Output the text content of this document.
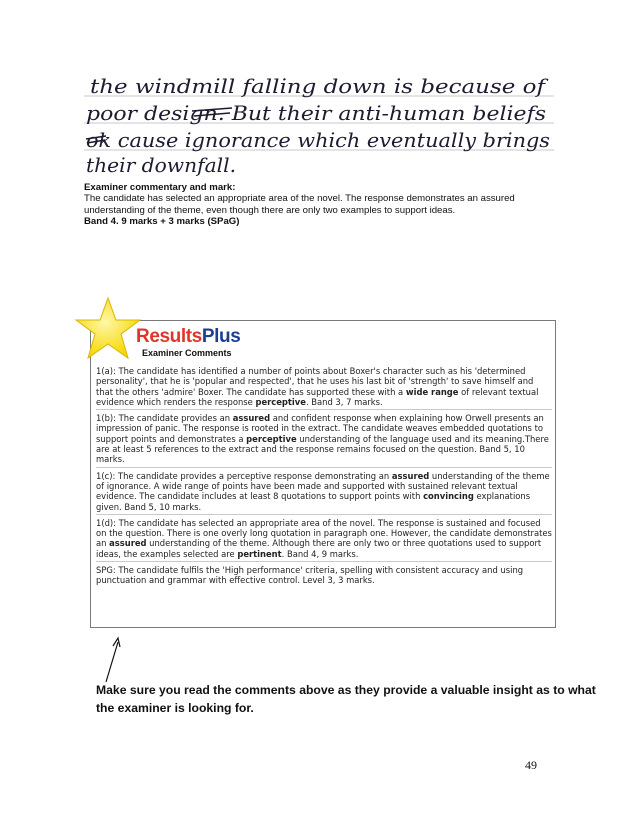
the windmill falling down is because of
poor design. But their anti-human beliefs
ok cause ignorance which eventually brings
their downfall.
Examiner commentary and mark:
The candidate has selected an appropriate area of the novel. The response demonstrates an assured understanding of the theme, even though there are only two examples to support ideas.
Band 4. 9 marks + 3 marks (SPaG)
ResultsPlus
Examiner Comments

1(a): The candidate has identified a number of points about Boxer's character such as his 'determined personality', that he is 'popular and respected', that he uses his last bit of 'strength' to save himself and that the others 'admire' Boxer. The candidate has supported these with a wide range of relevant textual evidence which renders the response perceptive. Band 3, 7 marks.

1(b): The candidate provides an assured and confident response when explaining how Orwell presents an impression of panic. The response is rooted in the extract. The candidate weaves embedded quotations to support points and demonstrates a perceptive understanding of the language used and its meaning.There are at least 5 references to the extract and the response remains focused on the question. Band 5, 10 marks.

1(c): The candidate provides a perceptive response demonstrating an assured understanding of the theme of ignorance. A wide range of points have been made and supported with sustained relevant textual evidence. The candidate includes at least 8 quotations to support points with convincing explanations given. Band 5, 10 marks.

1(d): The candidate has selected an appropriate area of the novel. The response is sustained and focused on the question. There is one overly long quotation in paragraph one. However, the candidate demonstrates an assured understanding of the theme. Although there are only two or three quotations used to support ideas, the examples selected are pertinent. Band 4, 9 marks.

SPG: The candidate fulfils the 'High performance' criteria, spelling with consistent accuracy and using punctuation and grammar with effective control. Level 3, 3 marks.

Make sure you read the comments above as they provide a valuable insight as to what the examiner is looking for.
49
